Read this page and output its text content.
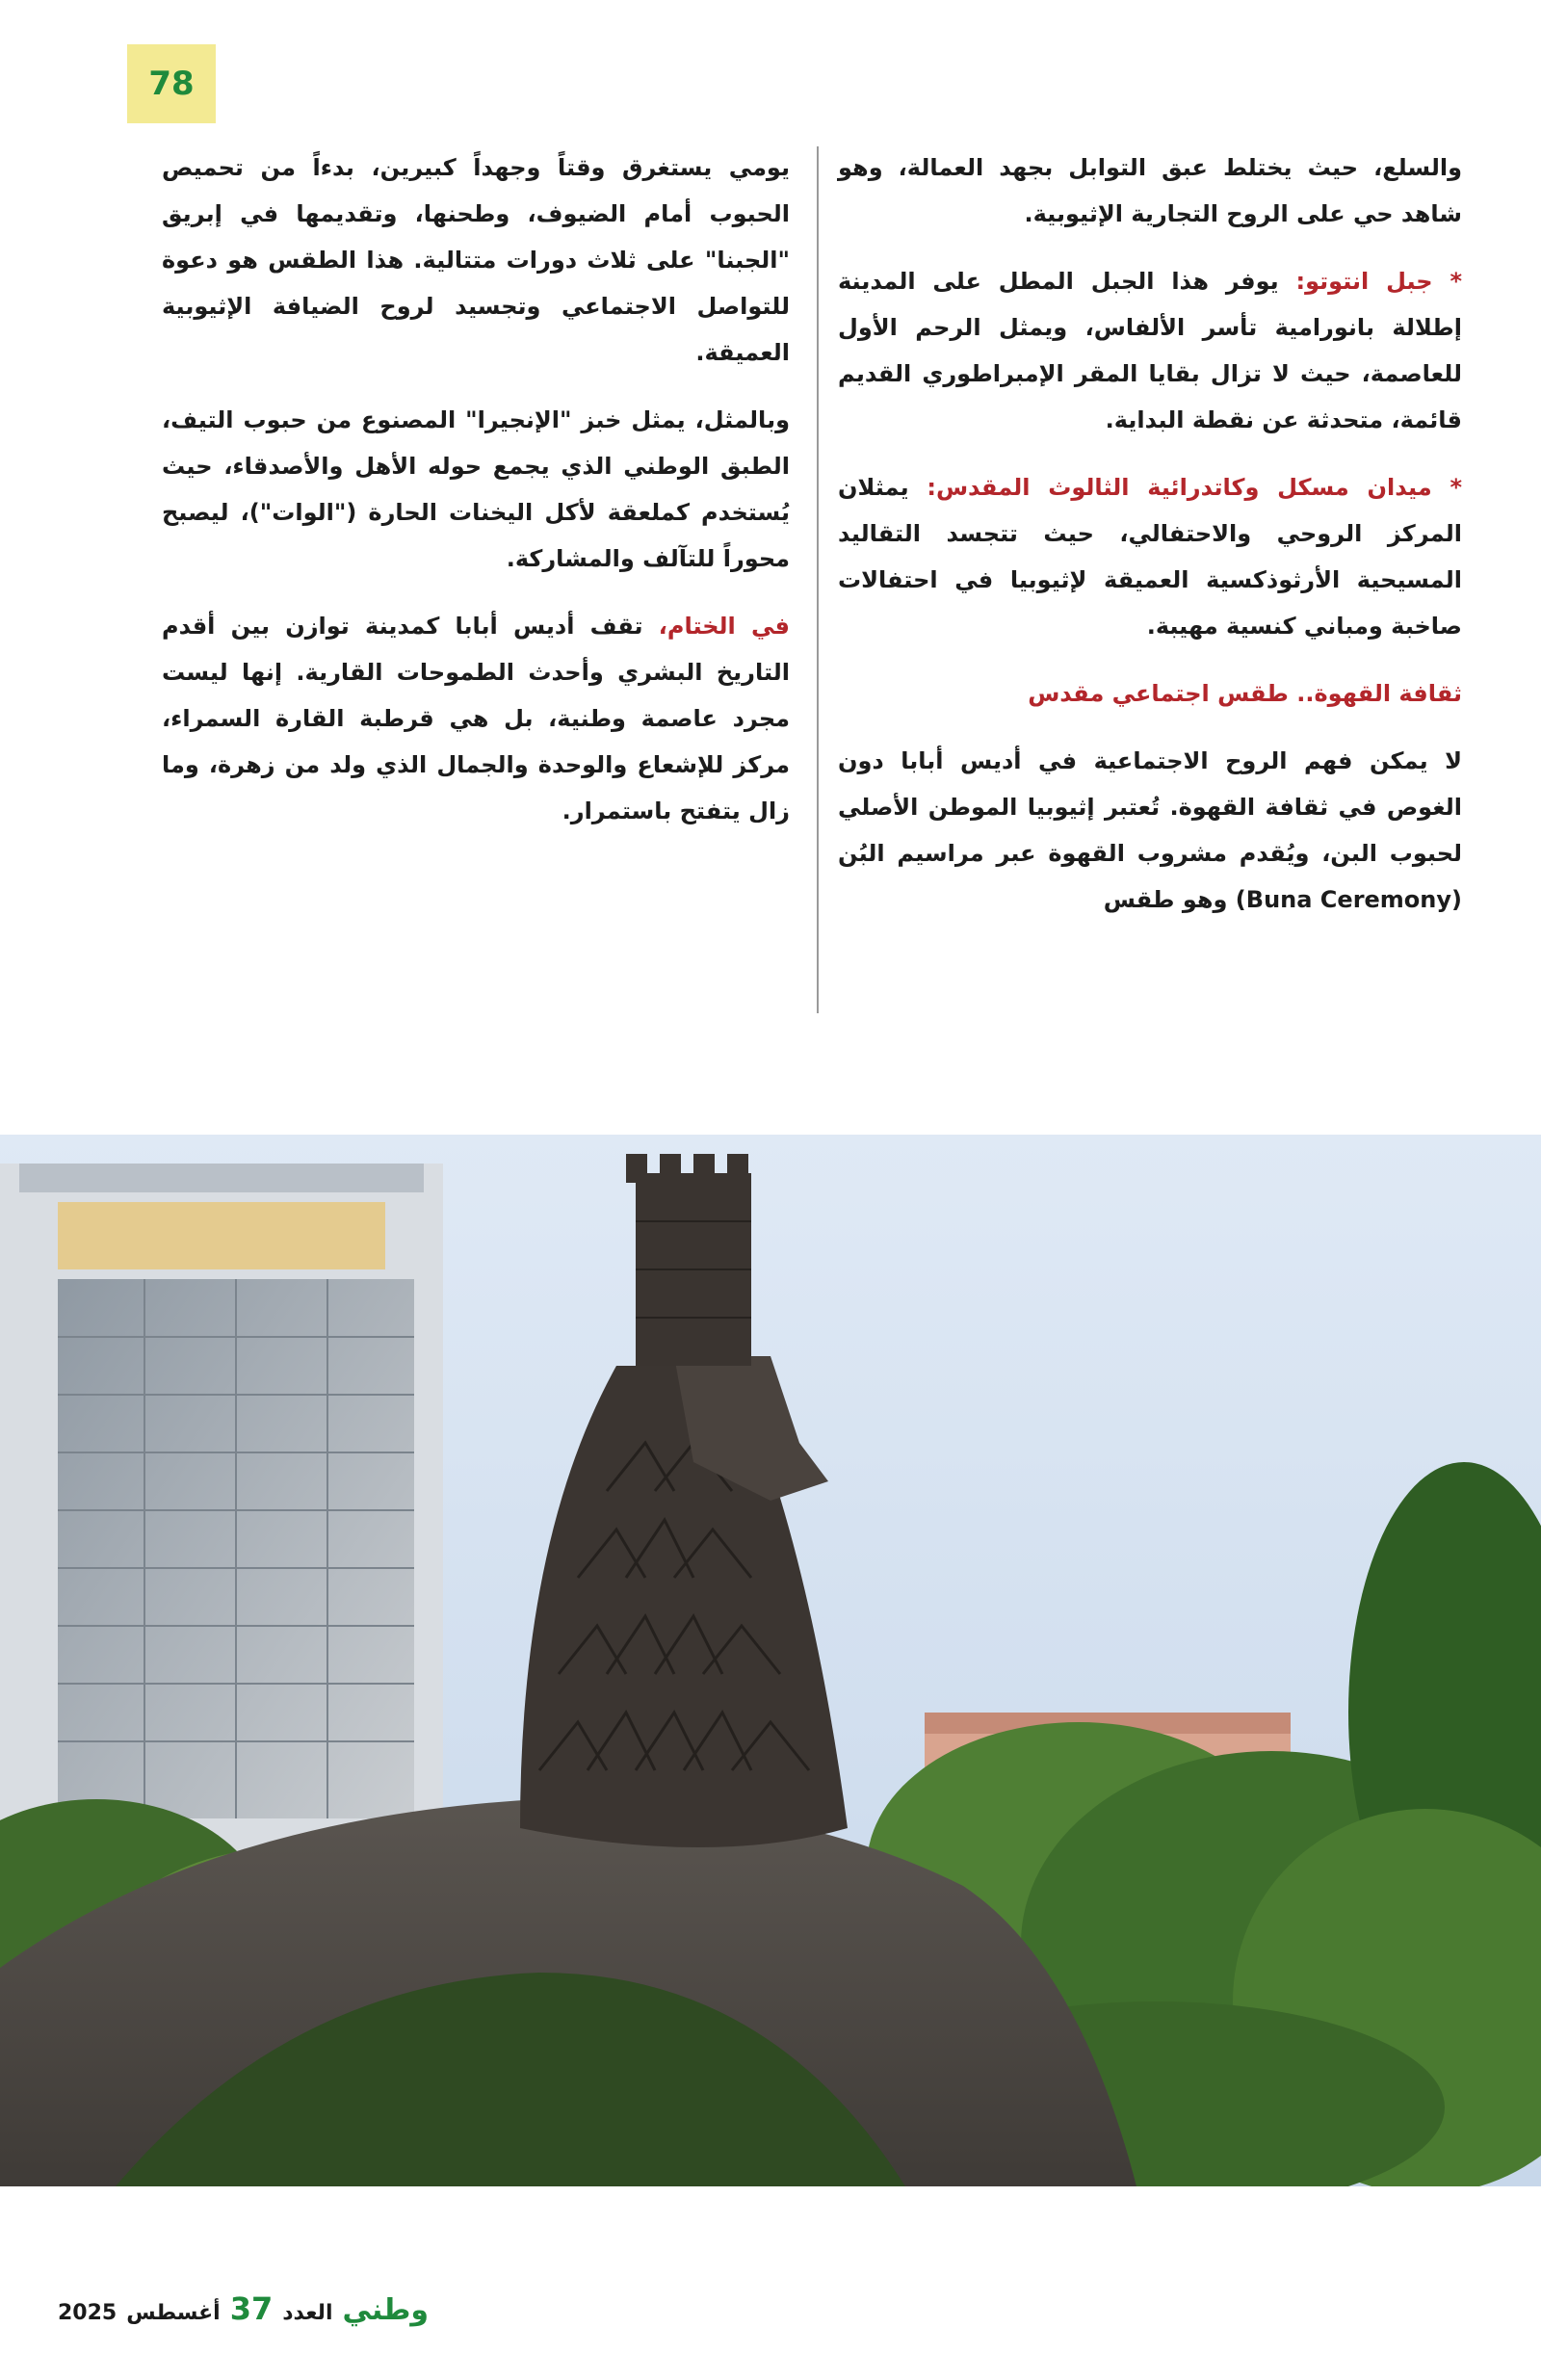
78

والسلع، حيث يختلط عبق التوابل بجهد العمالة، وهو شاهد حي على الروح التجارية الإثيوبية.

* جبل انتوتو: يوفر هذا الجبل المطل على المدينة إطلالة بانورامية تأسر الألفاس، ويمثل الرحم الأول للعاصمة، حيث لا تزال بقايا المقر الإمبراطوري القديم قائمة، متحدثة عن نقطة البداية.

* ميدان مسكل وكاتدرائية الثالوث المقدس: يمثلان المركز الروحي والاحتفالي، حيث تتجسد التقاليد المسيحية الأرثوذكسية العميقة لإثيوبيا في احتفالات صاخبة ومباني كنسية مهيبة.

ثقافة القهوة.. طقس اجتماعي مقدس

لا يمكن فهم الروح الاجتماعية في أديس أبابا دون الغوص في ثقافة القهوة. تُعتبر إثيوبيا الموطن الأصلي لحبوب البن، ويُقدم مشروب القهوة عبر مراسيم البُن (Buna Ceremony) وهو طقس

يومي يستغرق وقتاً وجهداً كبيرين، بدءاً من تحميص الحبوب أمام الضيوف، وطحنها، وتقديمها في إبريق "الجبنا" على ثلاث دورات متتالية. هذا الطقس هو دعوة للتواصل الاجتماعي وتجسيد لروح الضيافة الإثيوبية العميقة.

وبالمثل، يمثل خبز "الإنجيرا" المصنوع من حبوب التيف، الطبق الوطني الذي يجمع حوله الأهل والأصدقاء، حيث يُستخدم كملعقة لأكل اليخنات الحارة ("الوات")، ليصبح محوراً للتآلف والمشاركة.

في الختام، تقف أديس أبابا كمدينة توازن بين أقدم التاريخ البشري وأحدث الطموحات القارية. إنها ليست مجرد عاصمة وطنية، بل هي قرطبة القارة السمراء، مركز للإشعاع والوحدة والجمال الذي ولد من زهرة، وما زال يتفتح باستمرار.

وطني
العدد
37
أغسطس
2025
